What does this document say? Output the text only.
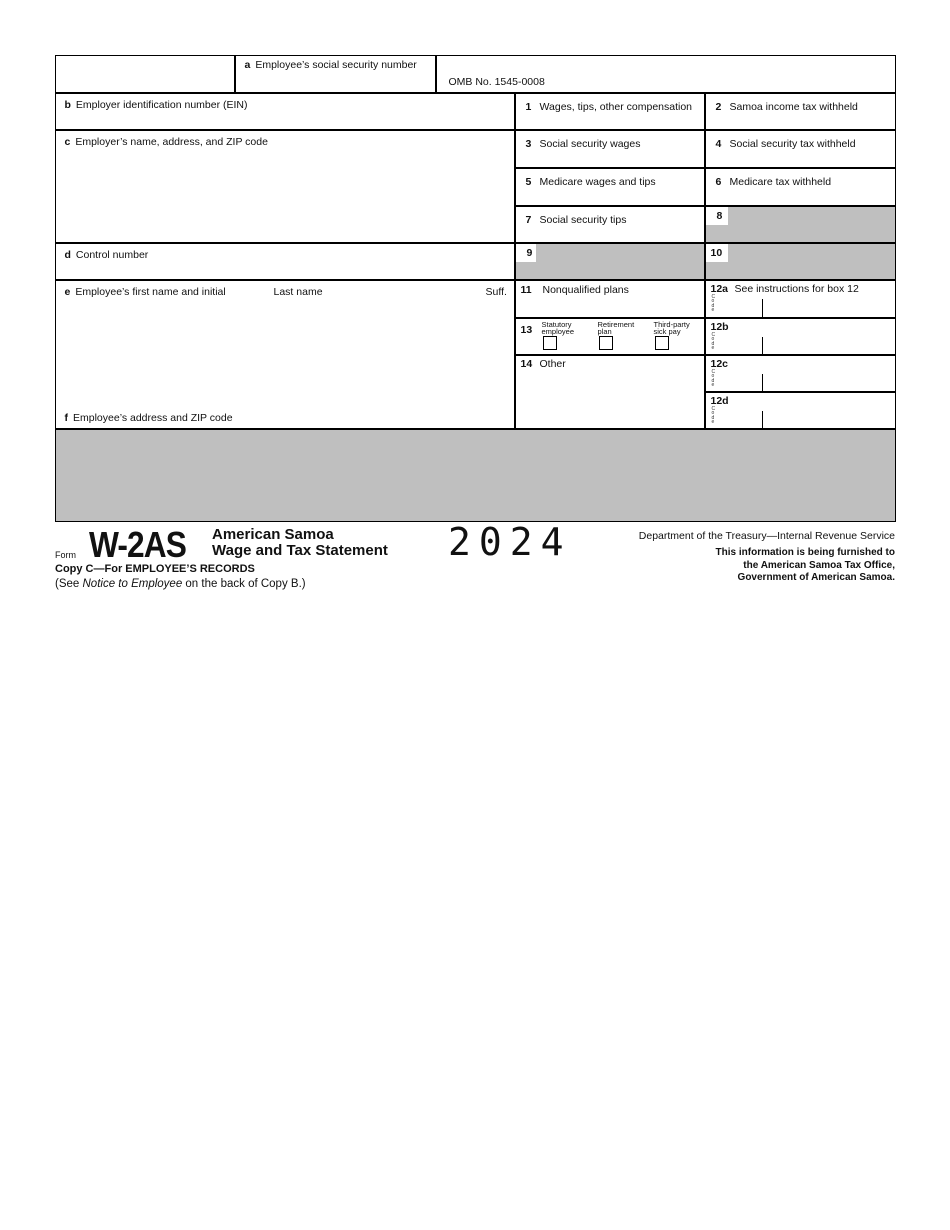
a Employee’s social security number
OMB No. 1545-0008
b Employer identification number (EIN)
c Employer’s name, address, and ZIP code
d Control number
e Employee’s first name and initial	Last name	Suff.
f Employee’s address and ZIP code
1 Wages, tips, other compensation
3 Social security wages
5 Medicare wages and tips
7 Social security tips
9
11 Nonqualified plans
13 Statutory employee
Retirement plan
Third-party sick pay
14 Other
2 Samoa income tax withheld
4 Social security tax withheld
6 Medicare tax withheld
8
10
12a See instructions for box 12
C
o
d
e
12b
C
o
d
e
12c
C
o
d
e
12d
C
o
d
e
Form W-2AS American Samoa
Wage and Tax Statement 2024
Copy C—For EMPLOYEE’S RECORDS
(See Notice to Employee on the back of Copy B.)
Department of the Treasury—Internal Revenue Service
This information is being furnished to
the American Samoa Tax Office,
Government of American Samoa.
